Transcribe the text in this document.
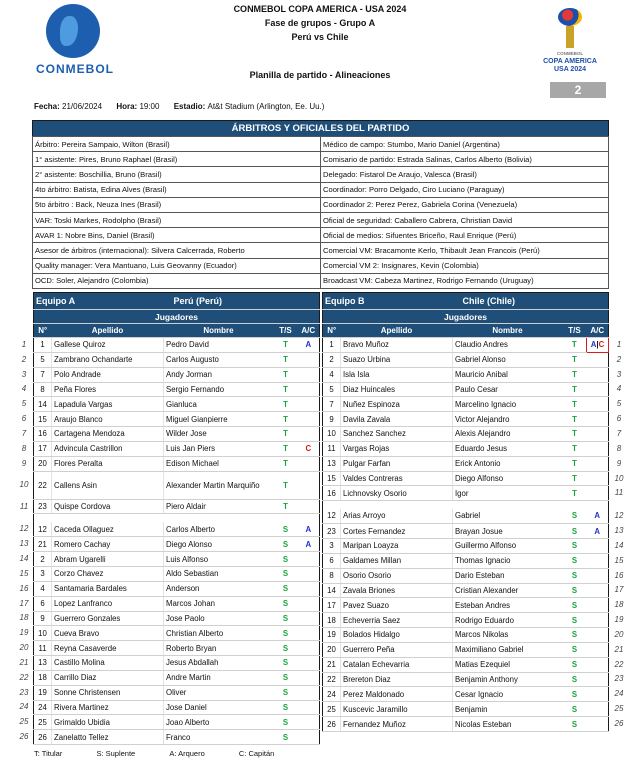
CONMEBOL
CONMEBOL COPA AMERICA - USA 2024
Fase de grupos - Grupo A
Perú vs Chile
Planilla de partido - Alineaciones
CONMEBOL
COPA AMERICA
USA 2024
2
Fecha: 21/06/2024 Hora: 19:00 Estadio: At&t Stadium (Arlington, Ee. Uu.)
ÁRBITROS Y OFICIALES DEL PARTIDO	
Árbitro: Pereira Sampaio, Wilton (Brasil)	Médico de campo: Stumbo, Mario Daniel (Argentina)
1° asistente: Pires, Bruno Raphael (Brasil)	Comisario de partido: Estrada Salinas, Carlos Alberto (Bolivia)
2° asistente: Boschillia, Bruno (Brasil)	Delegado: Fistarol De Araujo, Valesca (Brasil)
4to árbitro: Batista, Edina Alves (Brasil)	Coordinador: Porro Delgado, Ciro Luciano (Paraguay)
5to árbitro : Back, Neuza Ines (Brasil)	Coordinador 2: Perez Perez, Gabriela Corina (Venezuela)
VAR: Toski Markes, Rodolpho (Brasil)	Oficial de seguridad: Caballero Cabrera, Christian David
AVAR 1: Nobre Bins, Daniel (Brasil)	Oficial de medios: Sifuentes Briceño, Raul Enrique (Perú)
Asesor de árbitros (internacional): Silvera Calcerrada, Roberto	Comercial VM: Bracamonte Kerlo, Thibault Jean Francois (Perú)
Quality manager: Vera Mantuano, Luis Geovanny (Ecuador)	Comercial VM 2: Insignares, Kevin (Colombia)
OCD: Soler, Alejandro (Colombia)	Broadcast VM: Cabeza Martinez, Rodrigo Fernando (Uruguay)
Equipo A		Perú (Perú)		
Jugadores				
N°	Apellido	Nombre	T/S	A/C
1	Gallese Quiroz	Pedro David	T	A
5	Zambrano Ochandarte	Carlos Augusto	T	
7	Polo Andrade	Andy Jorman	T	
8	Peña Flores	Sergio Fernando	T	
14	Lapadula Vargas	Gianluca	T	
15	Araujo Blanco	Miguel Gianpierre	T	
16	Cartagena Mendoza	Wilder Jose	T	
17	Advincula Castrillon	Luis Jan Piers	T	C
20	Flores Peralta	Edison Michael	T	
22	Callens Asin	Alexander Martin Marquiño	T	
23	Quispe Cordova	Piero Aldair	T	

12	Caceda Ollaguez	Carlos Alberto	S	A
21	Romero Cachay	Diego Alonso	S	A
2	Abram Ugarelli	Luis Alfonso	S	
3	Corzo Chavez	Aldo Sebastian	S	
4	Santamaria Bardales	Anderson	S	
6	Lopez Lanfranco	Marcos Johan	S	
9	Guerrero Gonzales	Jose Paolo	S	
10	Cueva Bravo	Christian Alberto	S	
11	Reyna Casaverde	Roberto Bryan	S	
13	Castillo Molina	Jesus Abdallah	S	
18	Carrillo Diaz	Andre Martin	S	
19	Sonne Christensen	Oliver	S	
24	Rivera Martinez	Jose Daniel	S	
25	Grimaldo Ubidia	Joao Alberto	S	
26	Zanelatto Tellez	Franco	S	
Equipo B		Chile (Chile)		
Jugadores				
N°	Apellido	Nombre	T/S	A/C
1	Bravo Muñoz	Claudio Andres	T	A|C
2	Suazo Urbina	Gabriel Alonso	T	
4	Isla Isla	Mauricio Anibal	T	
5	Diaz Huincales	Paulo Cesar	T	
7	Nuñez Espinoza	Marcelino Ignacio	T	
9	Davila Zavala	Victor Alejandro	T	
10	Sanchez Sanchez	Alexis Alejandro	T	
11	Vargas Rojas	Eduardo Jesus	T	
13	Pulgar Farfan	Erick Antonio	T	
15	Valdes Contreras	Diego Alfonso	T	
16	Lichnovsky Osorio	Igor	T	

12	Arias Arroyo	Gabriel	S	A
23	Cortes Fernandez	Brayan Josue	S	A
3	Maripan Loayza	Guillermo Alfonso	S	
6	Galdames Millan	Thomas Ignacio	S	
8	Osorio Osorio	Dario Esteban	S	
14	Zavala Briones	Cristian Alexander	S	
17	Pavez Suazo	Esteban Andres	S	
18	Echeverria Saez	Rodrigo Eduardo	S	
19	Bolados Hidalgo	Marcos Nikolas	S	
20	Guerrero Peña	Maximiliano Gabriel	S	
21	Catalan Echevarria	Matias Ezequiel	S	
22	Brereton Diaz	Benjamin Anthony	S	
24	Perez Maldonado	Cesar Ignacio	S	
25	Kuscevic Jaramillo	Benjamin	S	
26	Fernandez Muñoz	Nicolas Esteban	S	
1
2
3
4
5
6
7
8
9
10
11
12
13
14
15
16
17
18
19
20
21
22
23
24
25
26
1
2
3
4
5
6
7
8
9
10
11
12
13
14
15
16
17
18
19
20
21
22
23
24
25
26
T: Titular	S: Suplente	A: Arquero	C: Capitán
